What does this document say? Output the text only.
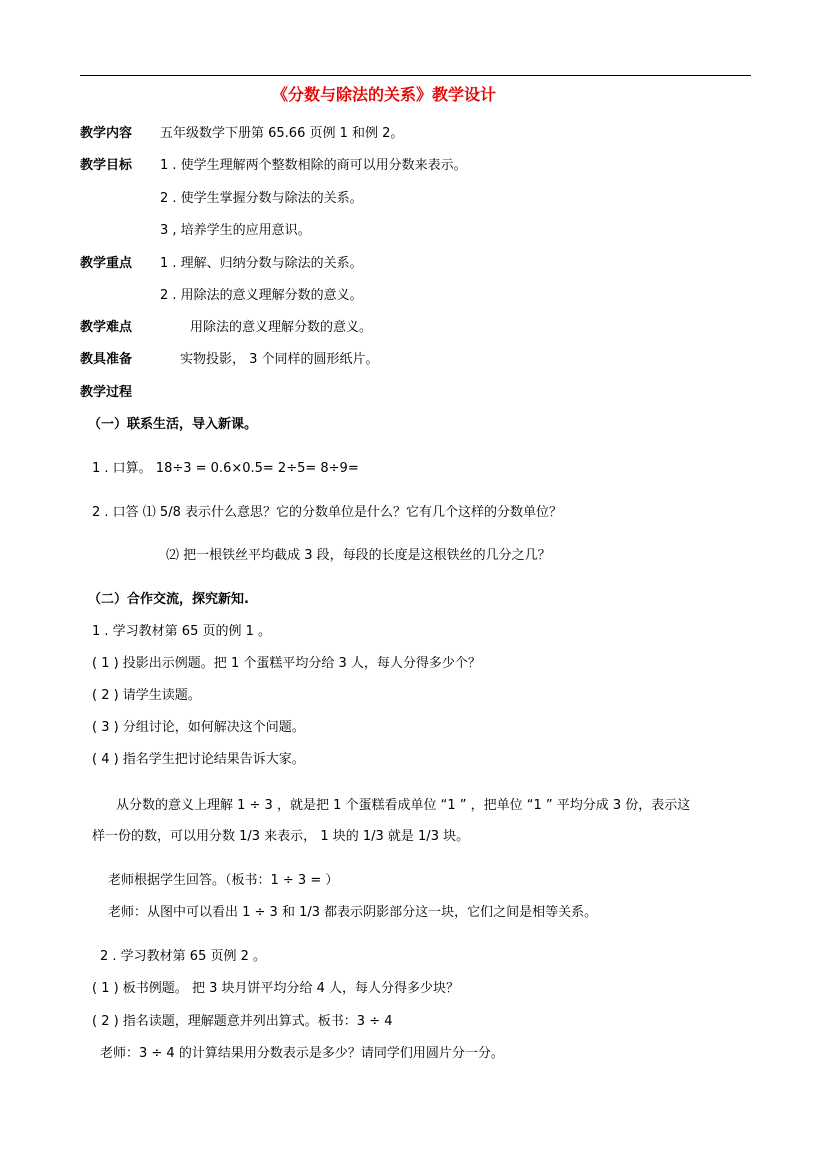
《分数与除法的关系》教学设计
教学内容 五年级数学下册第 65.66 页例 1 和例 2。
教学目标 1 . 使学生理解两个整数相除的商可以用分数来表示。
2 . 使学生掌握分数与除法的关系。
3 , 培养学生的应用意识。
教学重点 1 . 理解、归纳分数与除法的关系。
2 . 用除法的意义理解分数的意义。
教学难点	用除法的意义理解分数的意义。
教具准备	实物投影， 3 个同样的圆形纸片。
教学过程
（一）联系生活，导入新课。
1 . 口算。 18÷3 = 0.6×0.5= 2÷5= 8÷9=
2 . 口答 ⑴ 5/8 表示什么意思？它的分数单位是什么？它有几个这样的分数单位？
⑵ 把一根铁丝平均截成 3 段，每段的长度是这根铁丝的几分之几？
（二）合作交流，探究新知.
1 . 学习教材第 65 页的例 1 。
( 1 ) 投影出示例题。把 1 个蛋糕平均分给 3 人，每人分得多少个？
( 2 ) 请学生读题。
( 3 ) 分组讨论，如何解决这个问题。
( 4 ) 指名学生把讨论结果告诉大家。
从分数的意义上理解 1 ÷ 3 ，就是把 1 个蛋糕看成单位 “1 ” ，把单位 “1 ” 平均分成 3 份，表示这
样一份的数，可以用分数 1/3 来表示， 1 块的 1/3 就是 1/3 块。
老师根据学生回答。（板书：1 ÷ 3 = ）
老师：从图中可以看出 1 ÷ 3 和 1/3 都表示阴影部分这一块，它们之间是相等关系。
2 . 学习教材第 65 页例 2 。
( 1 ) 板书例题。 把 3 块月饼平均分给 4 人，每人分得多少块？
( 2 ) 指名读题，理解题意并列出算式。板书：3 ÷ 4
老师：3 ÷ 4 的计算结果用分数表示是多少？请同学们用圆片分一分。
